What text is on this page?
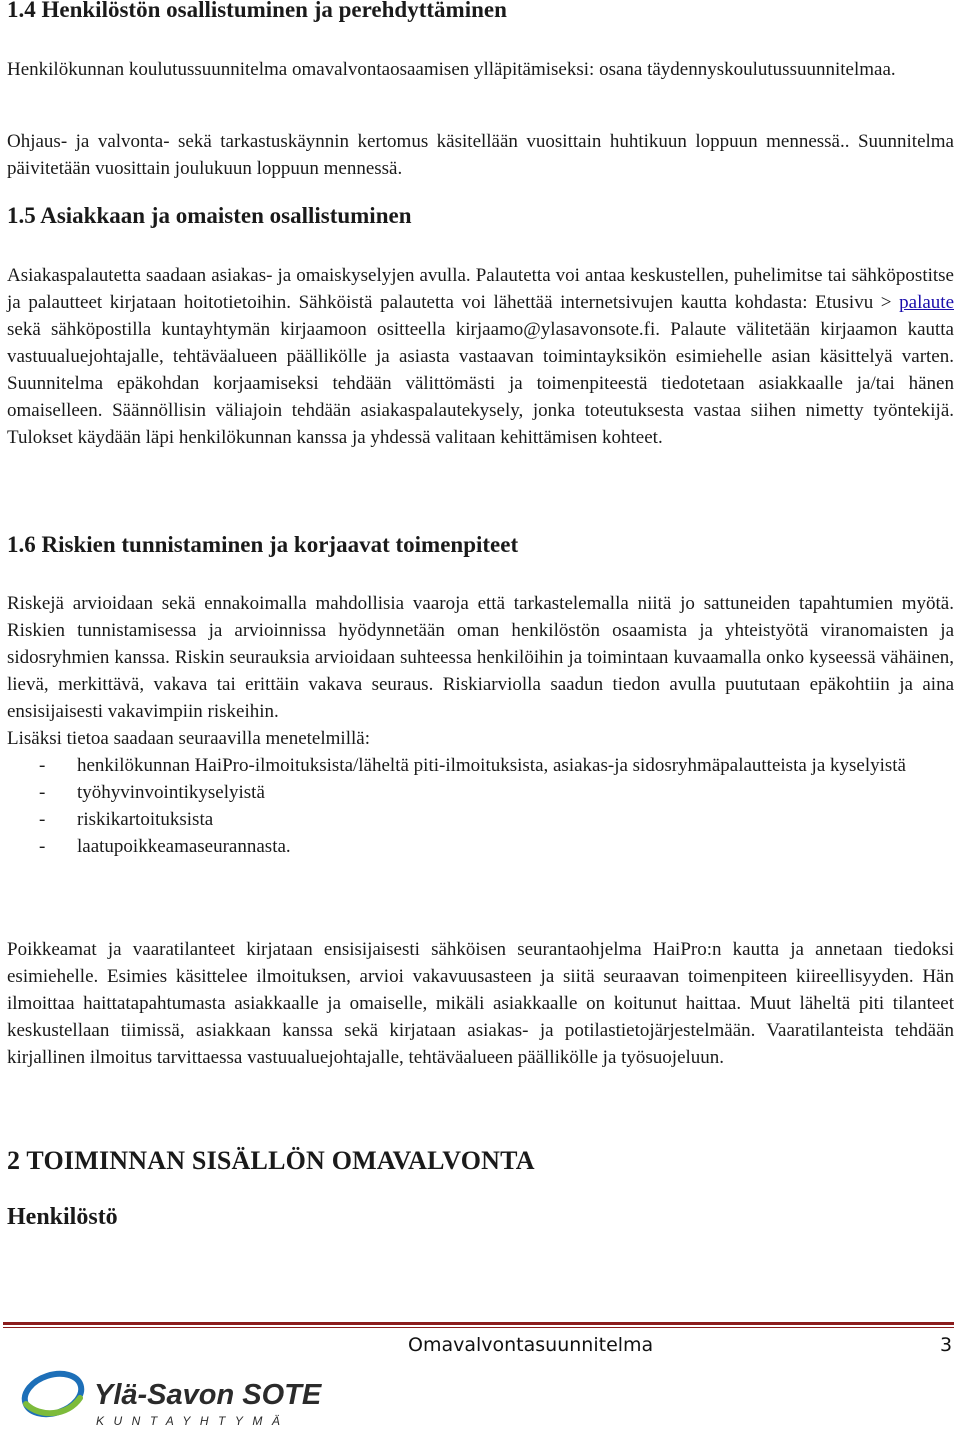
1.4 Henkilöstön osallistuminen ja perehdyttäminen

Henkilökunnan koulutussuunnitelma omavalvontaosaamisen ylläpitämiseksi: osana täydennyskoulutussuunnitelmaa.

Ohjaus- ja valvonta- sekä tarkastuskäynnin kertomus käsitellään vuosittain huhtikuun loppuun mennessä.. Suunnitelma päivitetään vuosittain joulukuun loppuun mennessä.

1.5 Asiakkaan ja omaisten osallistuminen

Asiakaspalautetta saadaan asiakas- ja omaiskyselyjen avulla. Palautetta voi antaa keskustellen, puhelimitse tai sähköpostitse ja palautteet kirjataan hoitotietoihin. Sähköistä palautetta voi lähettää internetsivujen kautta kohdasta: Etusivu > palaute sekä sähköpostilla kuntayhtymän kirjaamoon ositteella kirjaamo@ylasavonsote.fi. Palaute välitetään kirjaamon kautta vastuualuejohtajalle, tehtäväalueen päällikölle ja asiasta vastaavan toimintayksikön esimiehelle asian käsittelyä varten. Suunnitelma epäkohdan korjaamiseksi tehdään välittömästi ja toimenpiteestä tiedotetaan asiakkaalle ja/tai hänen omaiselleen. Säännöllisin väliajoin tehdään asiakaspalautekysely, jonka toteutuksesta vastaa siihen nimetty työntekijä. Tulokset käydään läpi henkilökunnan kanssa ja yhdessä valitaan kehittämisen kohteet.

1.6 Riskien tunnistaminen ja korjaavat toimenpiteet

Riskejä arvioidaan sekä ennakoimalla mahdollisia vaaroja että tarkastelemalla niitä jo sattuneiden tapahtumien myötä. Riskien tunnistamisessa ja arvioinnissa hyödynnetään oman henkilöstön osaamista ja yhteistyötä viranomaisten ja sidosryhmien kanssa. Riskin seurauksia arvioidaan suhteessa henkilöihin ja toimintaan kuvaamalla onko kyseessä vähäinen, lievä, merkittävä, vakava tai erittäin vakava seuraus. Riskiarviolla saadun tiedon avulla puututaan epäkohtiin ja aina ensisijaisesti vakavimpiin riskeihin.

Lisäksi tietoa saadaan seuraavilla menetelmillä:

- henkilökunnan HaiPro-ilmoituksista/läheltä piti-ilmoituksista, asiakas-ja sidosryhmäpalautteista ja kyselyistä
- työhyvinvointikyselyistä
- riskikartoituksista
- laatupoikkeamaseurannasta.

Poikkeamat ja vaaratilanteet kirjataan ensisijaisesti sähköisen seurantaohjelma HaiPro:n kautta ja annetaan tiedoksi esimiehelle. Esimies käsittelee ilmoituksen, arvioi vakavuusasteen ja siitä seuraavan toimenpiteen kiireellisyyden. Hän ilmoittaa haittatapahtumasta asiakkaalle ja omaiselle, mikäli asiakkaalle on koitunut haittaa. Muut läheltä piti tilanteet keskustellaan tiimissä, asiakkaan kanssa sekä kirjataan asiakas- ja potilastietojärjestelmään. Vaaratilanteista tehdään kirjallinen ilmoitus tarvittaessa vastuualuejohtajalle, tehtäväalueen päällikölle ja työsuojeluun.

2 TOIMINNAN SISÄLLÖN OMAVALVONTA
Henkilöstö
Omavalvontasuunnitelma	3
Ylä-Savon SOTE
KUNTAYHTYMÄ
